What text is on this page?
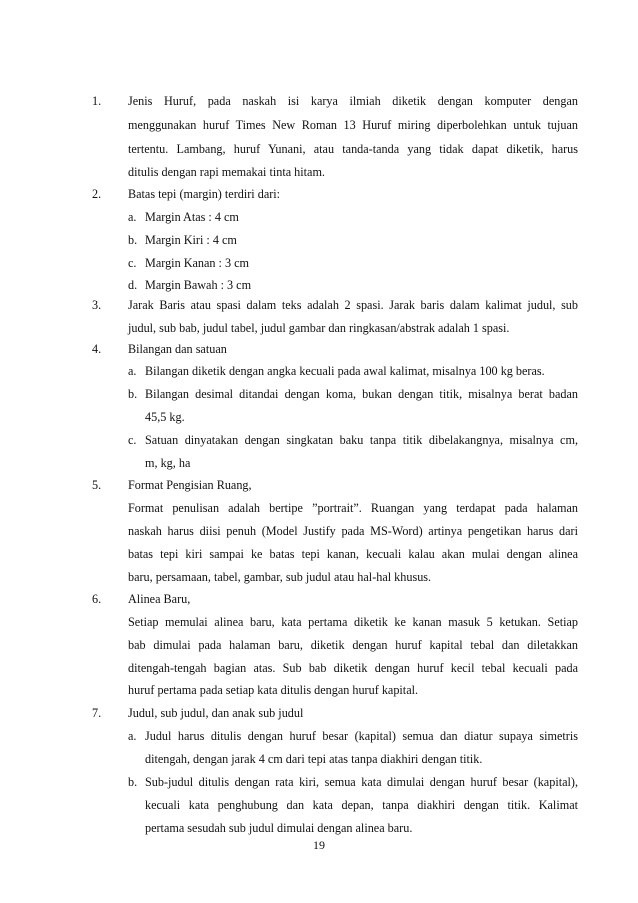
1.	Jenis Huruf, pada naskah isi karya ilmiah diketik dengan komputer dengan
menggunakan huruf Times New Roman 13 Huruf miring diperbolehkan untuk tujuan
tertentu. Lambang, huruf Yunani, atau tanda-tanda yang tidak dapat diketik, harus
ditulis dengan rapi memakai tinta hitam.
2.	Batas tepi (margin) terdiri dari:
a. Margin Atas : 4 cm
b. Margin Kiri : 4 cm
c. Margin Kanan : 3 cm
d. Margin Bawah : 3 cm
3.	Jarak Baris atau spasi dalam teks adalah 2 spasi. Jarak baris dalam kalimat judul, sub
judul, sub bab, judul tabel, judul gambar dan ringkasan/abstrak adalah 1 spasi.
4.	Bilangan dan satuan
a. Bilangan diketik dengan angka kecuali pada awal kalimat, misalnya 100 kg beras.
b. Bilangan desimal ditandai dengan koma, bukan dengan titik, misalnya berat badan
45,5 kg.
c. Satuan dinyatakan dengan singkatan baku tanpa titik dibelakangnya, misalnya cm,
m, kg, ha
5.	Format Pengisian Ruang,
Format penulisan adalah bertipe ”portrait”. Ruangan yang terdapat pada halaman
naskah harus diisi penuh (Model Justify pada MS-Word) artinya pengetikan harus dari
batas tepi kiri sampai ke batas tepi kanan, kecuali kalau akan mulai dengan alinea
baru, persamaan, tabel, gambar, sub judul atau hal-hal khusus.
6.	Alinea Baru,
Setiap memulai alinea baru, kata pertama diketik ke kanan masuk 5 ketukan. Setiap
bab dimulai pada halaman baru, diketik dengan huruf kapital tebal dan diletakkan
ditengah-tengah bagian atas. Sub bab diketik dengan huruf kecil tebal kecuali pada
huruf pertama pada setiap kata ditulis dengan huruf kapital.
7.	Judul, sub judul, dan anak sub judul
a. Judul harus ditulis dengan huruf besar (kapital) semua dan diatur supaya simetris
ditengah, dengan jarak 4 cm dari tepi atas tanpa diakhiri dengan titik.
b. Sub-judul ditulis dengan rata kiri, semua kata dimulai dengan huruf besar (kapital),
kecuali kata penghubung dan kata depan, tanpa diakhiri dengan titik. Kalimat
pertama sesudah sub judul dimulai dengan alinea baru.
19
